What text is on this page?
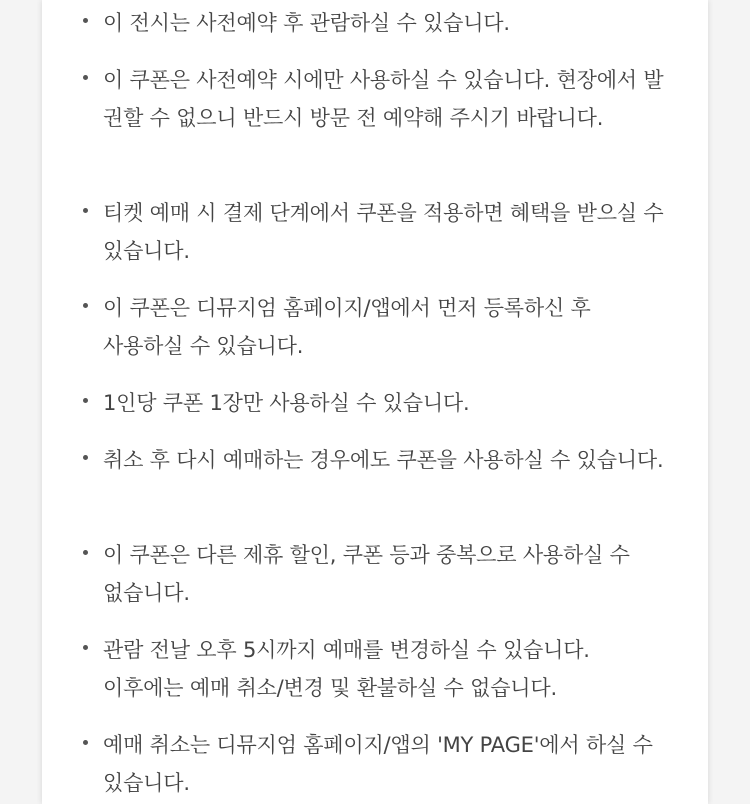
이 전시는 사전예약 후 관람하실 수 있습니다.

이 쿠폰은 사전예약 시에만 사용하실 수 있습니다. 현장에서 발권할 수 없으니 반드시 방문 전 예약해 주시기 바랍니다.

티켓 예매 시 결제 단계에서 쿠폰을 적용하면 혜택을 받으실 수 있습니다.

이 쿠폰은 디뮤지엄 홈페이지/앱에서 먼저 등록하신 후 사용하실 수 있습니다.

1인당 쿠폰 1장만 사용하실 수 있습니다.

취소 후 다시 예매하는 경우에도 쿠폰을 사용하실 수 있습니다.

이 쿠폰은 다른 제휴 할인, 쿠폰 등과 중복으로 사용하실 수 없습니다.

관람 전날 오후 5시까지 예매를 변경하실 수 있습니다. 이후에는 예매 취소/변경 및 환불하실 수 없습니다.

예매 취소는 디뮤지엄 홈페이지/앱의 'MY PAGE'에서 하실 수 있습니다.
